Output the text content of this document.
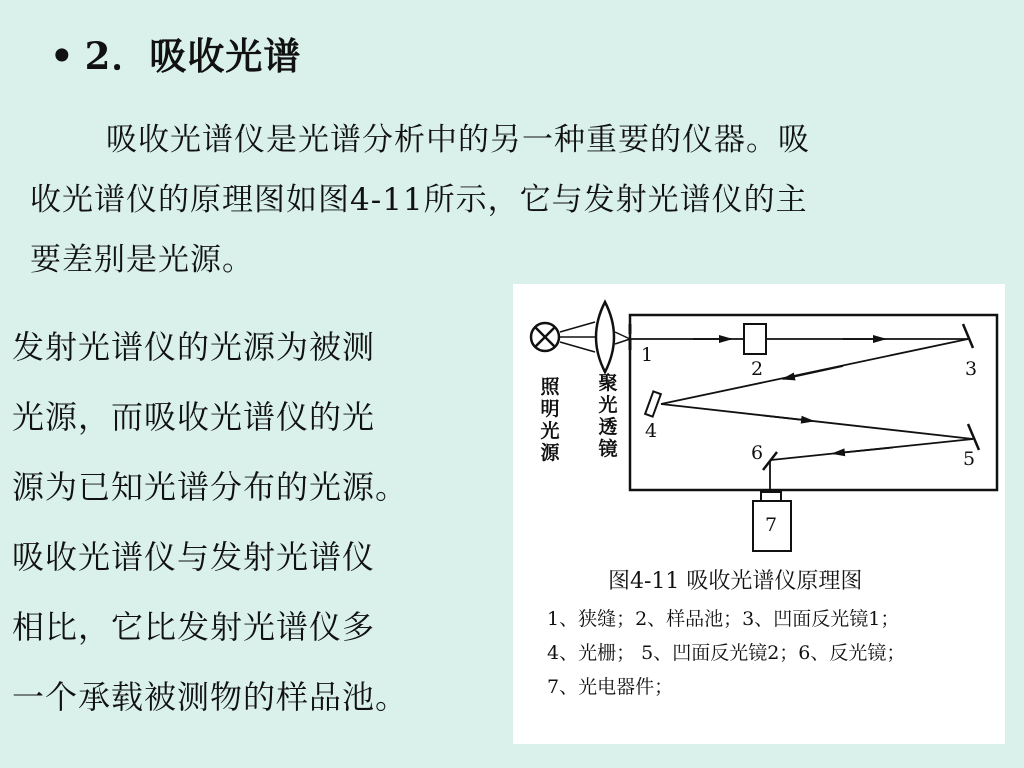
• 2．吸收光谱
吸收光谱仪是光谱分析中的另一种重要的仪器。吸
收光谱仪的原理图如图4-11所示，它与发射光谱仪的主
要差别是光源。
发射光谱仪的光源为被测
光源，而吸收光谱仪的光
源为已知光谱分布的光源。
吸收光谱仪与发射光谱仪
相比，它比发射光谱仪多
一个承载被测物的样品池。
照明光源
聚光透镜
1
2	3
4
5
6
7
图4-11 吸收光谱仪原理图
1、狭缝；2、样品池；3、凹面反光镜1；
4、光栅； 5、凹面反光镜2；6、反光镜；
7、光电器件；
